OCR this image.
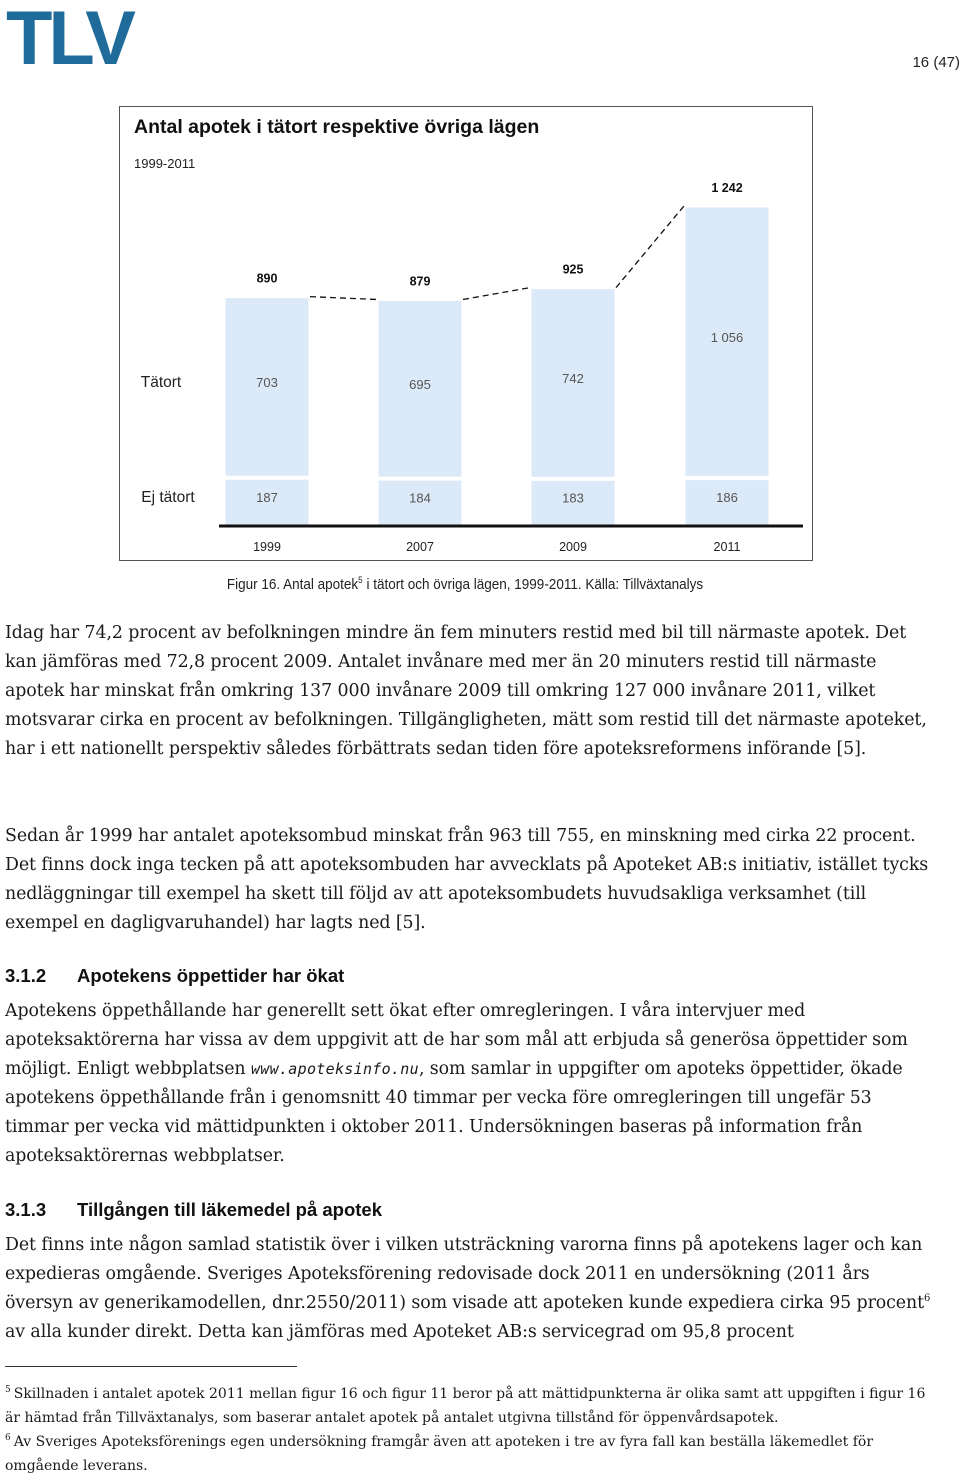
TLV	16 (47)
Antal apotek i tätort respektive övriga lägen
1999-2011
187
703
890
1999
184
695
879
2007
183
742
925
2009
186
1 056
1 242
2011
Tätort
Ej tätort
Figur 16. Antal apotek$^5$ i tätort och övriga lägen, 1999-2011. Källa: Tillväxtanalys
Idag har 74,2 procent av befolkningen mindre än fem minuters restid med bil till närmaste apotek. Det kan jämföras med 72,8 procent 2009. Antalet invånare med mer än 20 minuters restid till närmaste apotek har minskat från omkring 137 000 invånare 2009 till omkring 127 000 invånare 2011, vilket motsvarar cirka en procent av befolkningen. Tillgängligheten, mätt som restid till det närmaste apoteket, har i ett nationellt perspektiv således förbättrats sedan tiden före apoteksreformens införande [5].
Sedan år 1999 har antalet apoteksombud minskat från 963 till 755, en minskning med cirka 22 procent. Det finns dock inga tecken på att apoteksombuden har avvecklats på Apoteket AB:s initiativ, istället tycks nedläggningar till exempel ha skett till följd av att apoteksombudets huvudsakliga verksamhet (till exempel en dagligvaruhandel) har lagts ned [5].
3.1.2 Apotekens öppettider har ökat
Apotekens öppethållande har generellt sett ökat efter omregleringen. I våra intervjuer med apoteksaktörerna har vissa av dem uppgivit att de har som mål att erbjuda så generösa öppettider som möjligt. Enligt webbplatsen www.apoteksinfo.nu, som samlar in uppgifter om apoteks öppettider, ökade apotekens öppethållande från i genomsnitt 40 timmar per vecka före omregleringen till ungefär 53 timmar per vecka vid mättidpunkten i oktober 2011. Undersökningen baseras på information från apoteksaktörernas webbplatser.
3.1.3 Tillgången till läkemedel på apotek
Det finns inte någon samlad statistik över i vilken utsträckning varorna finns på apotekens lager och kan expedieras omgående. Sveriges Apoteksförening redovisade dock 2011 en undersökning (2011 års översyn av generikamodellen, dnr.2550/2011) som visade att apoteken kunde expediera cirka 95 procent$^6$ av alla kunder direkt. Detta kan jämföras med Apoteket AB:s servicegrad om 95,8 procent
$^5$ Skillnaden i antalet apotek 2011 mellan figur 16 och figur 11 beror på att mättidpunkterna är olika samt att uppgiften i figur 16 är hämtad från Tillväxtanalys, som baserar antalet apotek på antalet utgivna tillstånd för öppenvårdsapotek.
$^6$ Av Sveriges Apoteksförenings egen undersökning framgår även att apoteken i tre av fyra fall kan beställa läkemedlet för omgående leverans.
